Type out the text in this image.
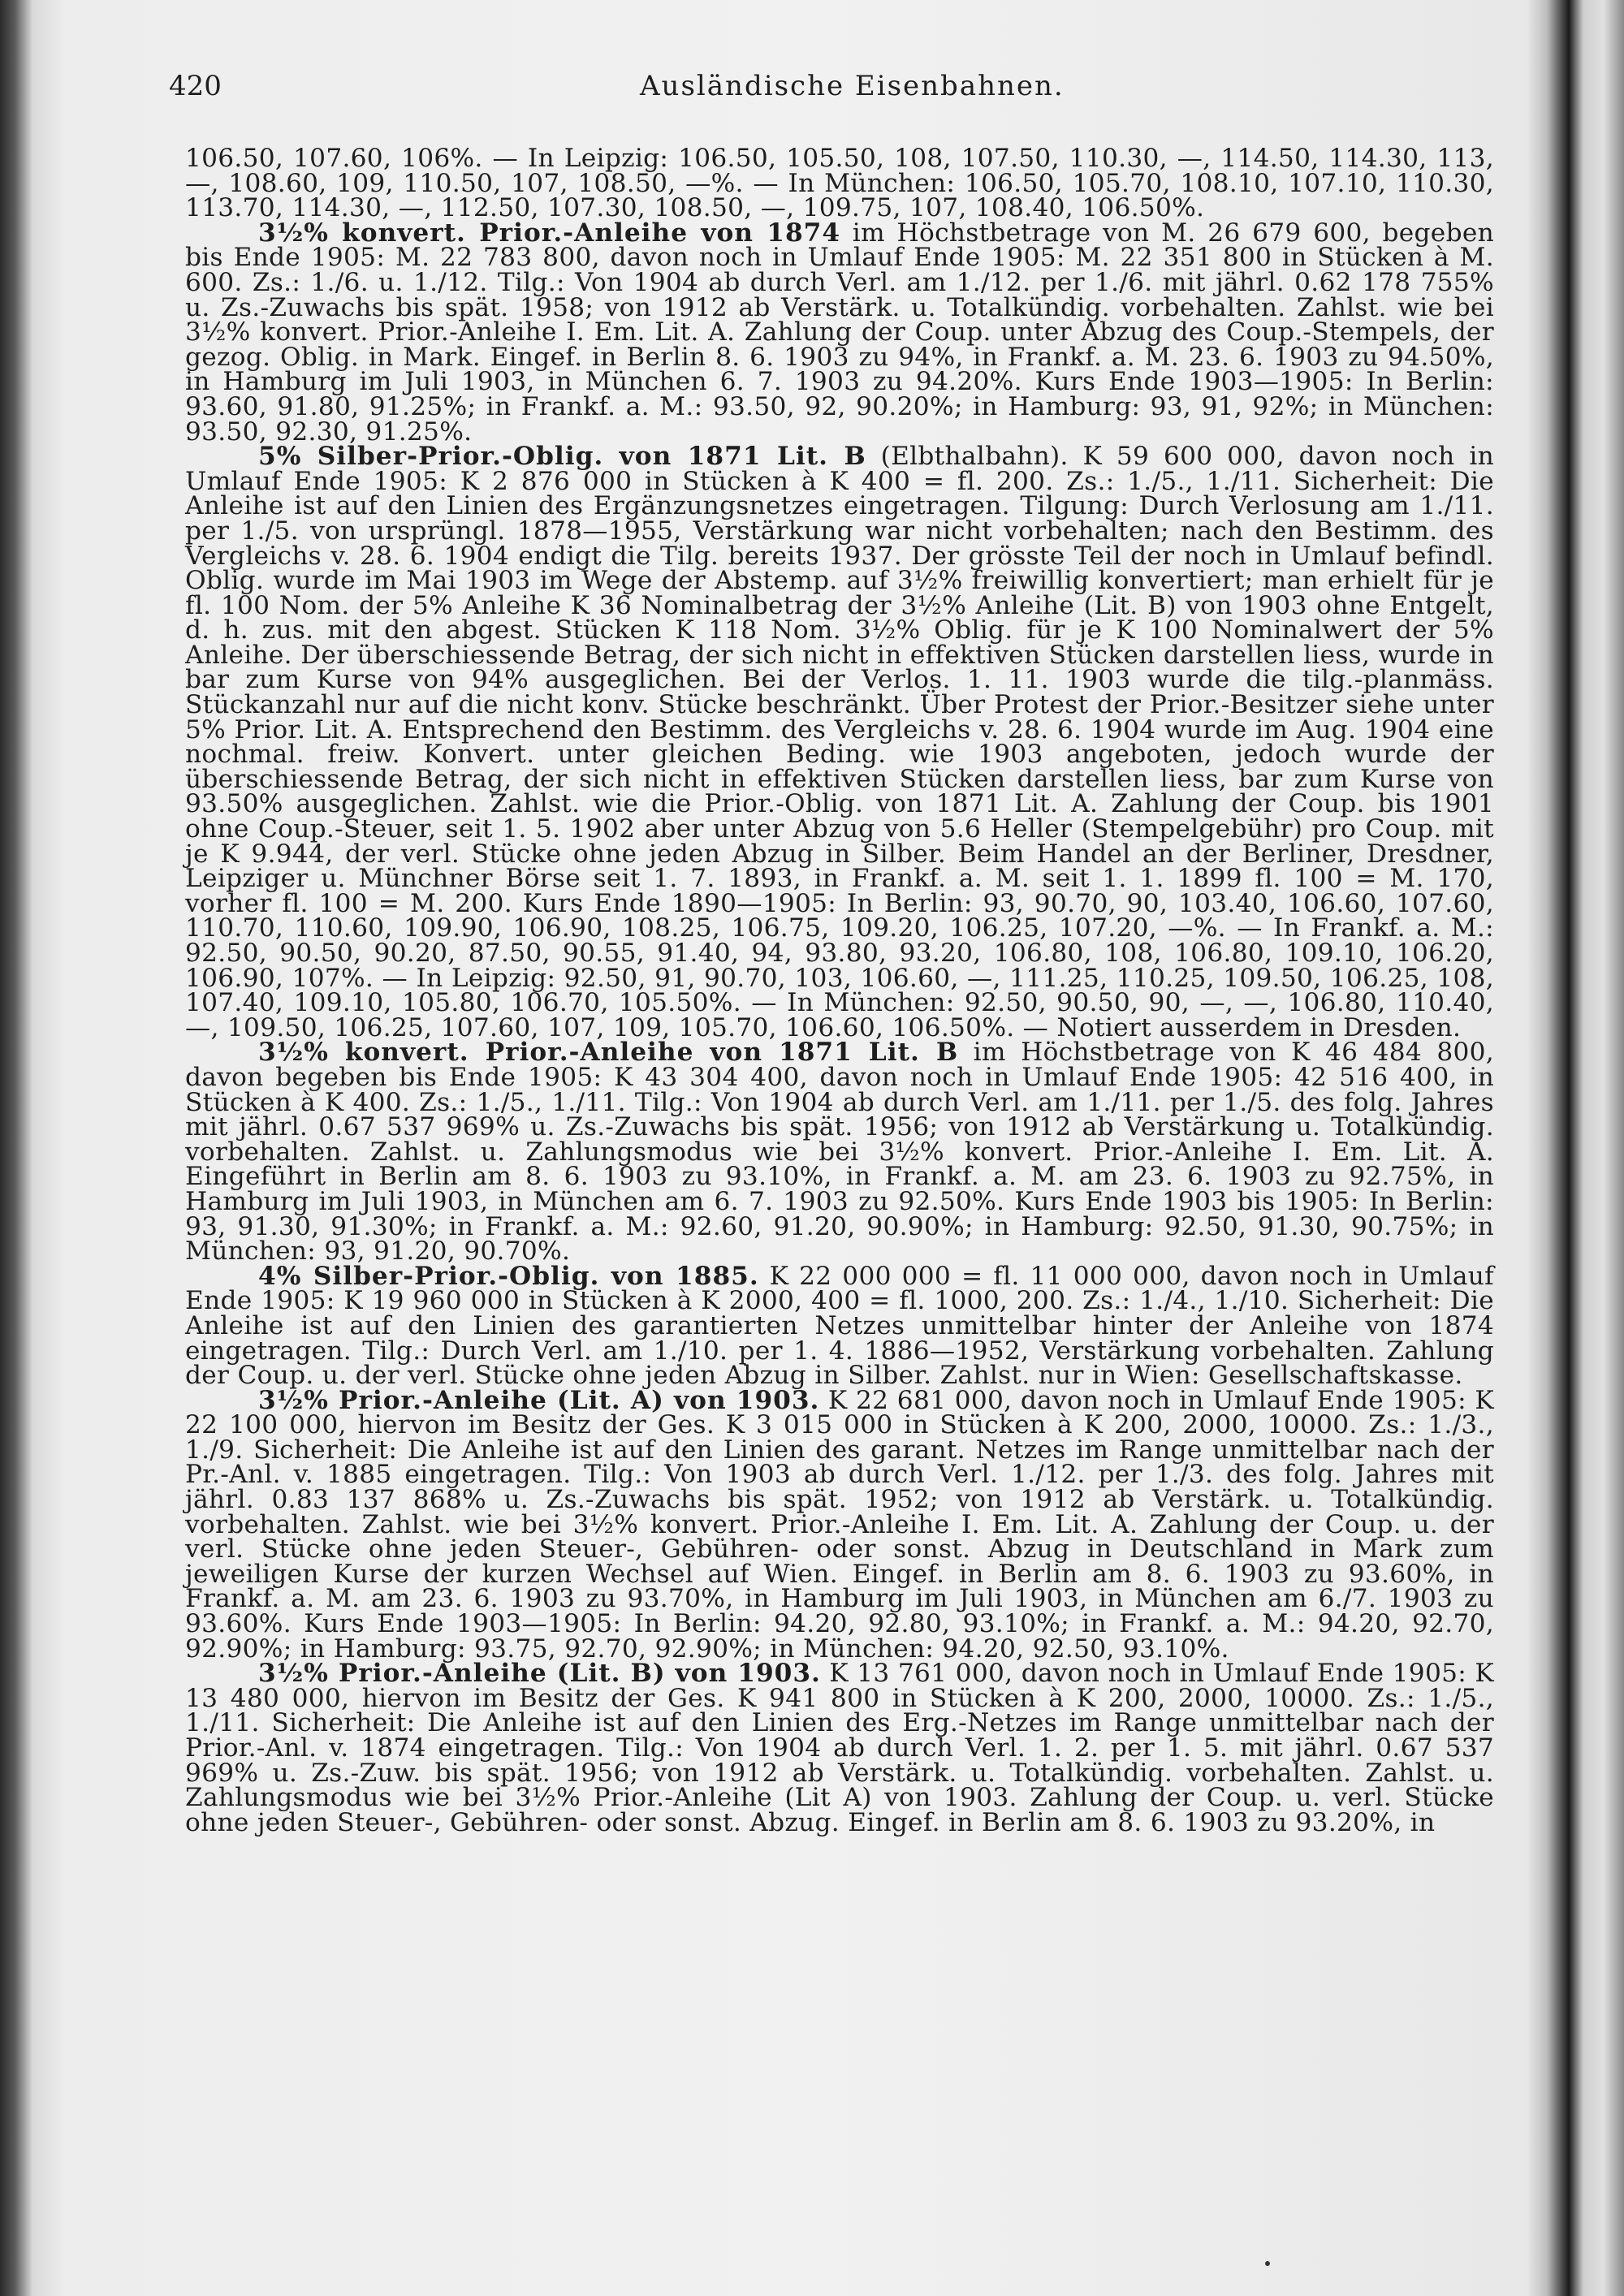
420	Ausländische Eisenbahnen.

106.50, 107.60, 106%. — In Leipzig: 106.50, 105.50, 108, 107.50, 110.30, —, 114.50, 114.30, 113, —, 108.60, 109, 110.50, 107, 108.50, —%. — In München: 106.50, 105.70, 108.10, 107.10, 110.30, 113.70, 114.30, —, 112.50, 107.30, 108.50, —, 109.75, 107, 108.40, 106.50%.

3½% konvert. Prior.-Anleihe von 1874 im Höchstbetrage von M. 26 679 600, begeben bis Ende 1905: M. 22 783 800, davon noch in Umlauf Ende 1905: M. 22 351 800 in Stücken à M. 600. Zs.: 1./6. u. 1./12. Tilg.: Von 1904 ab durch Verl. am 1./12. per 1./6. mit jährl. 0.62 178 755% u. Zs.-Zuwachs bis spät. 1958; von 1912 ab Verstärk. u. Totalkündig. vorbehalten. Zahlst. wie bei 3½% konvert. Prior.-Anleihe I. Em. Lit. A. Zahlung der Coup. unter Abzug des Coup.-Stempels, der gezog. Oblig. in Mark. Eingef. in Berlin 8. 6. 1903 zu 94%, in Frankf. a. M. 23. 6. 1903 zu 94.50%, in Hamburg im Juli 1903, in München 6. 7. 1903 zu 94.20%. Kurs Ende 1903—1905: In Berlin: 93.60, 91.80, 91.25%; in Frankf. a. M.: 93.50, 92, 90.20%; in Hamburg: 93, 91, 92%; in München: 93.50, 92.30, 91.25%.

5% Silber-Prior.-Oblig. von 1871 Lit. B (Elbthalbahn). K 59 600 000, davon noch in Umlauf Ende 1905: K 2 876 000 in Stücken à K 400 = fl. 200. Zs.: 1./5., 1./11. Sicherheit: Die Anleihe ist auf den Linien des Ergänzungsnetzes eingetragen. Tilgung: Durch Verlosung am 1./11. per 1./5. von ursprüngl. 1878—1955, Verstärkung war nicht vorbehalten; nach den Bestimm. des Vergleichs v. 28. 6. 1904 endigt die Tilg. bereits 1937. Der grösste Teil der noch in Umlauf befindl. Oblig. wurde im Mai 1903 im Wege der Abstemp. auf 3½% freiwillig konvertiert; man erhielt für je fl. 100 Nom. der 5% Anleihe K 36 Nominalbetrag der 3½% Anleihe (Lit. B) von 1903 ohne Entgelt, d. h. zus. mit den abgest. Stücken K 118 Nom. 3½% Oblig. für je K 100 Nominalwert der 5% Anleihe. Der überschiessende Betrag, der sich nicht in effektiven Stücken darstellen liess, wurde in bar zum Kurse von 94% ausgeglichen. Bei der Verlos. 1. 11. 1903 wurde die tilg.-planmäss. Stückanzahl nur auf die nicht konv. Stücke beschränkt. Über Protest der Prior.-Besitzer siehe unter 5% Prior. Lit. A. Entsprechend den Bestimm. des Vergleichs v. 28. 6. 1904 wurde im Aug. 1904 eine nochmal. freiw. Konvert. unter gleichen Beding. wie 1903 angeboten, jedoch wurde der überschiessende Betrag, der sich nicht in effektiven Stücken darstellen liess, bar zum Kurse von 93.50% ausgeglichen. Zahlst. wie die Prior.-Oblig. von 1871 Lit. A. Zahlung der Coup. bis 1901 ohne Coup.-Steuer, seit 1. 5. 1902 aber unter Abzug von 5.6 Heller (Stempelgebühr) pro Coup. mit je K 9.944, der verl. Stücke ohne jeden Abzug in Silber. Beim Handel an der Berliner, Dresdner, Leipziger u. Münchner Börse seit 1. 7. 1893, in Frankf. a. M. seit 1. 1. 1899 fl. 100 = M. 170, vorher fl. 100 = M. 200. Kurs Ende 1890—1905: In Berlin: 93, 90.70, 90, 103.40, 106.60, 107.60, 110.70, 110.60, 109.90, 106.90, 108.25, 106.75, 109.20, 106.25, 107.20, —%. — In Frankf. a. M.: 92.50, 90.50, 90.20, 87.50, 90.55, 91.40, 94, 93.80, 93.20, 106.80, 108, 106.80, 109.10, 106.20, 106.90, 107%. — In Leipzig: 92.50, 91, 90.70, 103, 106.60, —, 111.25, 110.25, 109.50, 106.25, 108, 107.40, 109.10, 105.80, 106.70, 105.50%. — In München: 92.50, 90.50, 90, —, —, 106.80, 110.40, —, 109.50, 106.25, 107.60, 107, 109, 105.70, 106.60, 106.50%. — Notiert ausserdem in Dresden.

3½% konvert. Prior.-Anleihe von 1871 Lit. B im Höchstbetrage von K 46 484 800, davon begeben bis Ende 1905: K 43 304 400, davon noch in Umlauf Ende 1905: 42 516 400, in Stücken à K 400. Zs.: 1./5., 1./11. Tilg.: Von 1904 ab durch Verl. am 1./11. per 1./5. des folg. Jahres mit jährl. 0.67 537 969% u. Zs.-Zuwachs bis spät. 1956; von 1912 ab Verstärkung u. Totalkündig. vorbehalten. Zahlst. u. Zahlungsmodus wie bei 3½% konvert. Prior.-Anleihe I. Em. Lit. A. Eingeführt in Berlin am 8. 6. 1903 zu 93.10%, in Frankf. a. M. am 23. 6. 1903 zu 92.75%, in Hamburg im Juli 1903, in München am 6. 7. 1903 zu 92.50%. Kurs Ende 1903 bis 1905: In Berlin: 93, 91.30, 91.30%; in Frankf. a. M.: 92.60, 91.20, 90.90%; in Hamburg: 92.50, 91.30, 90.75%; in München: 93, 91.20, 90.70%.

4% Silber-Prior.-Oblig. von 1885. K 22 000 000 = fl. 11 000 000, davon noch in Umlauf Ende 1905: K 19 960 000 in Stücken à K 2000, 400 = fl. 1000, 200. Zs.: 1./4., 1./10. Sicherheit: Die Anleihe ist auf den Linien des garantierten Netzes unmittelbar hinter der Anleihe von 1874 eingetragen. Tilg.: Durch Verl. am 1./10. per 1. 4. 1886—1952, Verstärkung vorbehalten. Zahlung der Coup. u. der verl. Stücke ohne jeden Abzug in Silber. Zahlst. nur in Wien: Gesellschaftskasse.

3½% Prior.-Anleihe (Lit. A) von 1903. K 22 681 000, davon noch in Umlauf Ende 1905: K 22 100 000, hiervon im Besitz der Ges. K 3 015 000 in Stücken à K 200, 2000, 10000. Zs.: 1./3., 1./9. Sicherheit: Die Anleihe ist auf den Linien des garant. Netzes im Range unmittelbar nach der Pr.-Anl. v. 1885 eingetragen. Tilg.: Von 1903 ab durch Verl. 1./12. per 1./3. des folg. Jahres mit jährl. 0.83 137 868% u. Zs.-Zuwachs bis spät. 1952; von 1912 ab Verstärk. u. Totalkündig. vorbehalten. Zahlst. wie bei 3½% konvert. Prior.-Anleihe I. Em. Lit. A. Zahlung der Coup. u. der verl. Stücke ohne jeden Steuer-, Gebühren- oder sonst. Abzug in Deutschland in Mark zum jeweiligen Kurse der kurzen Wechsel auf Wien. Eingef. in Berlin am 8. 6. 1903 zu 93.60%, in Frankf. a. M. am 23. 6. 1903 zu 93.70%, in Hamburg im Juli 1903, in München am 6./7. 1903 zu 93.60%. Kurs Ende 1903—1905: In Berlin: 94.20, 92.80, 93.10%; in Frankf. a. M.: 94.20, 92.70, 92.90%; in Hamburg: 93.75, 92.70, 92.90%; in München: 94.20, 92.50, 93.10%.

3½% Prior.-Anleihe (Lit. B) von 1903. K 13 761 000, davon noch in Umlauf Ende 1905: K 13 480 000, hiervon im Besitz der Ges. K 941 800 in Stücken à K 200, 2000, 10000. Zs.: 1./5., 1./11. Sicherheit: Die Anleihe ist auf den Linien des Erg.-Netzes im Range unmittelbar nach der Prior.-Anl. v. 1874 eingetragen. Tilg.: Von 1904 ab durch Verl. 1. 2. per 1. 5. mit jährl. 0.67 537 969% u. Zs.-Zuw. bis spät. 1956; von 1912 ab Verstärk. u. Totalkündig. vorbehalten. Zahlst. u. Zahlungsmodus wie bei 3½% Prior.-Anleihe (Lit A) von 1903. Zahlung der Coup. u. verl. Stücke ohne jeden Steuer-, Gebühren- oder sonst. Abzug. Eingef. in Berlin am 8. 6. 1903 zu 93.20%, in
